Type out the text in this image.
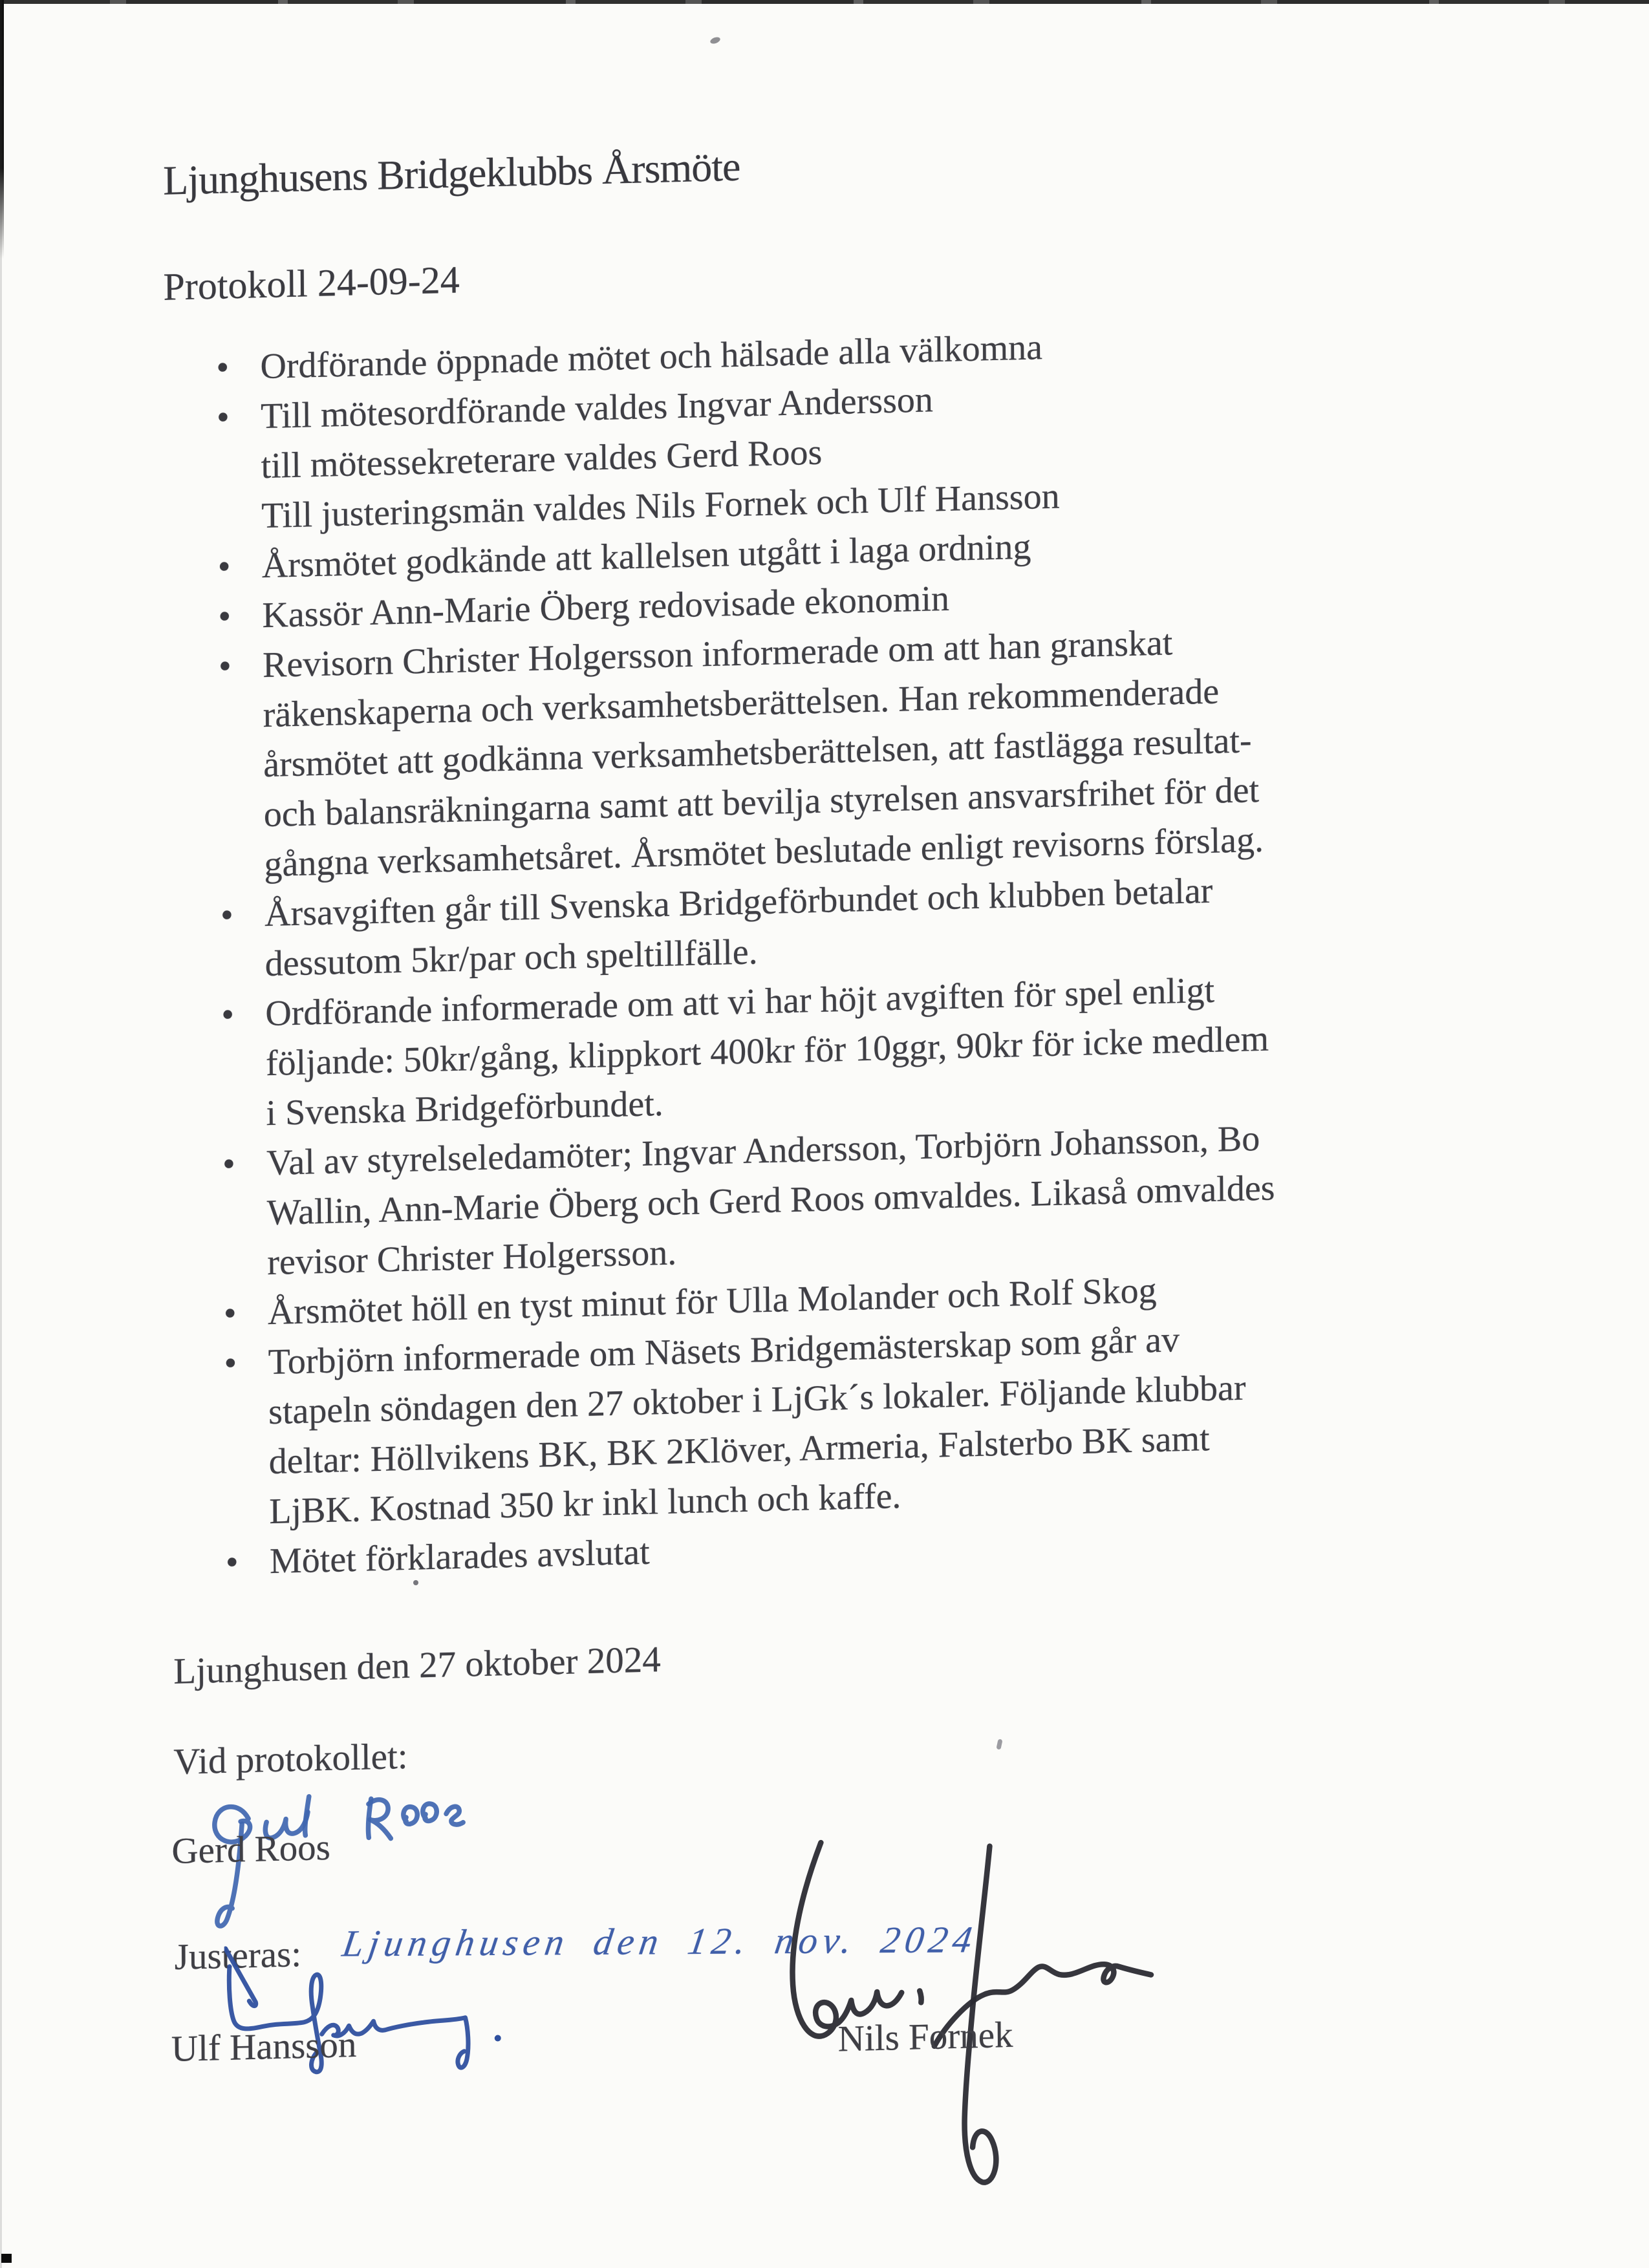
Ljunghusens Bridgeklubbs Årsmöte
Protokoll 24-09-24
• Ordförande öppnade mötet och hälsade alla välkomna
• Till mötesordförande valdes Ingvar Andersson
till mötessekreterare valdes Gerd Roos
Till justeringsmän valdes Nils Fornek och Ulf Hansson
• Årsmötet godkände att kallelsen utgått i laga ordning
• Kassör Ann-Marie Öberg redovisade ekonomin
• Revisorn Christer Holgersson informerade om att han granskat
räkenskaperna och verksamhetsberättelsen. Han rekommenderade
årsmötet att godkänna verksamhetsberättelsen, att fastlägga resultat-
och balansräkningarna samt att bevilja styrelsen ansvarsfrihet för det
gångna verksamhetsåret. Årsmötet beslutade enligt revisorns förslag.
• Årsavgiften går till Svenska Bridgeförbundet och klubben betalar
dessutom 5kr/par och speltillfälle.
• Ordförande informerade om att vi har höjt avgiften för spel enligt
följande: 50kr/gång, klippkort 400kr för 10ggr, 90kr för icke medlem
i Svenska Bridgeförbundet.
• Val av styrelseledamöter; Ingvar Andersson, Torbjörn Johansson, Bo
Wallin, Ann-Marie Öberg och Gerd Roos omvaldes. Likaså omvaldes
revisor Christer Holgersson.
• Årsmötet höll en tyst minut för Ulla Molander och Rolf Skog
• Torbjörn informerade om Näsets Bridgemästerskap som går av
stapeln söndagen den 27 oktober i LjGk´s lokaler. Följande klubbar
deltar: Höllvikens BK, BK 2Klöver, Armeria, Falsterbo BK samt
LjBK. Kostnad 350 kr inkl lunch och kaffe.
• Mötet förklarades avslutat

Ljunghusen den 27 oktober 2024

Vid protokollet:

Gerd Roos

Justeras: Ljunghusen den 12. nov. 2024

Ulf Hansson	Nils Fornek
